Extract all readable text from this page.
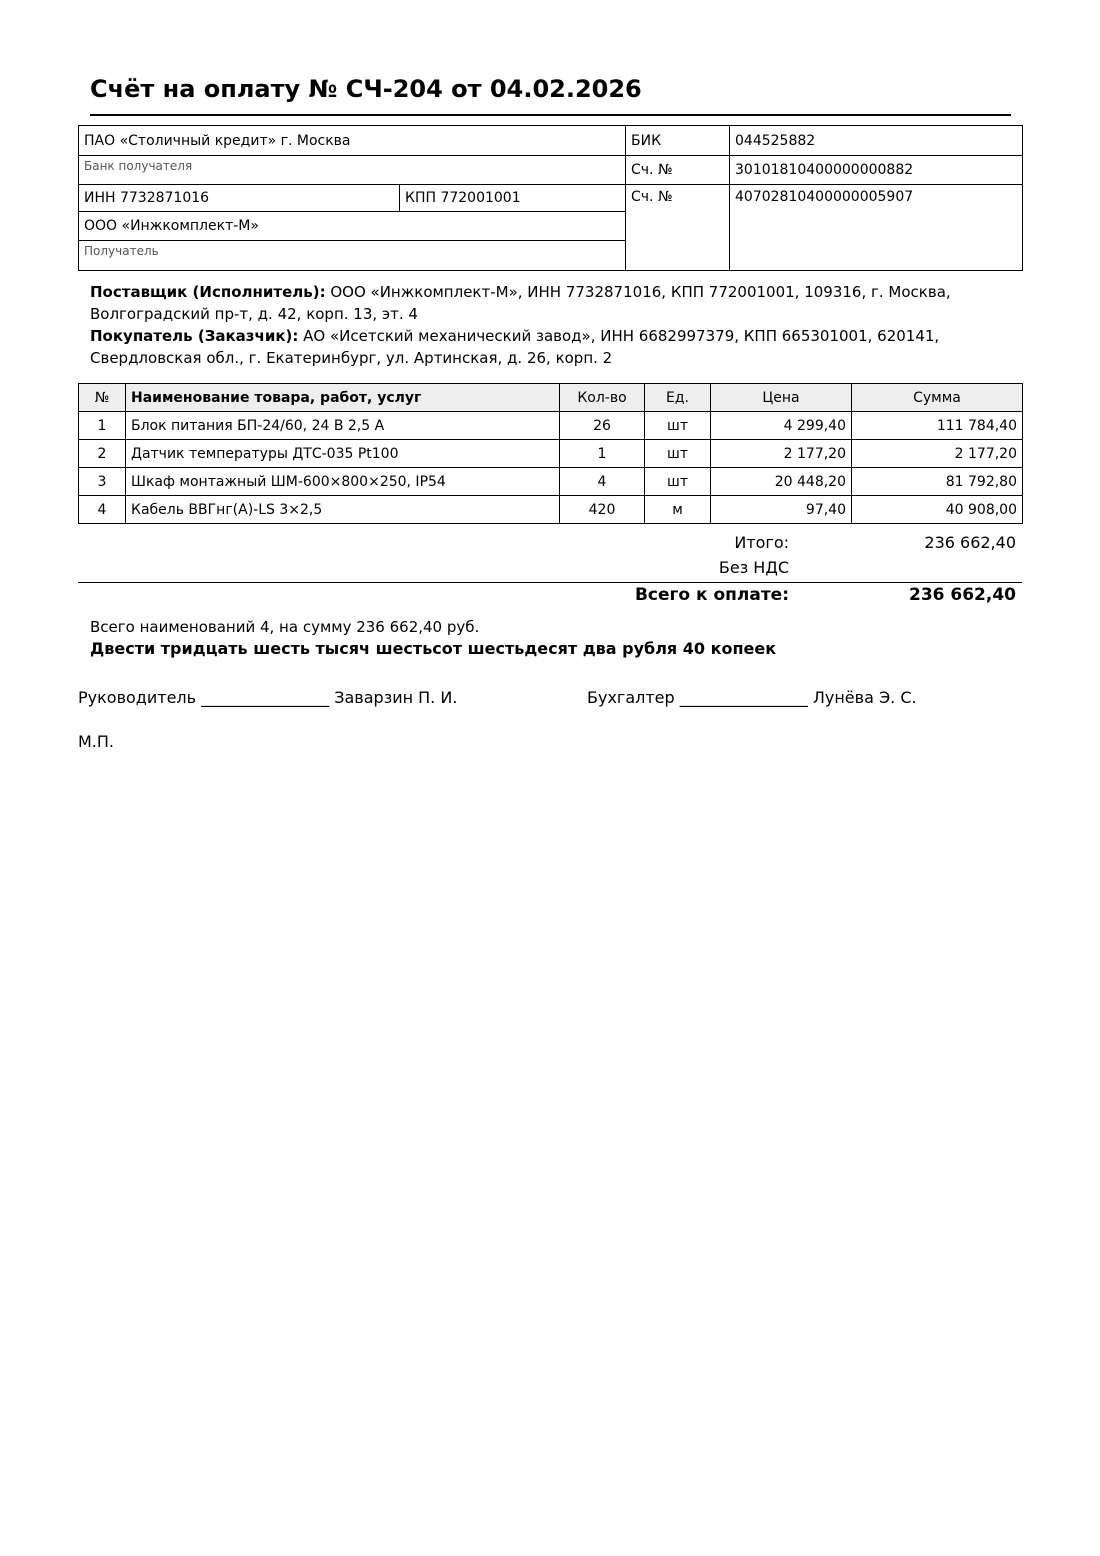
Счёт на оплату № СЧ-204 от 04.02.2026
ПАО «Столичный кредит» г. Москва		БИК	044525882
Банк получателя		Сч. №	30101810400000000882
ИНН 7732871016	КПП 772001001	Сч. №	40702810400000005907
ООО «Инжкомплект-М»			
Получатель			

Поставщик (Исполнитель): ООО «Инжкомплект-М», ИНН 7732871016, КПП 772001001, 109316, г. Москва, Волгоградский пр-т, д. 42, корп. 13, эт. 4

Покупатель (Заказчик): АО «Исетский механический завод», ИНН 6682997379, КПП 665301001, 620141, Свердловская обл., г. Екатеринбург, ул. Артинская, д. 26, корп. 2

№	Наименование товара, работ, услуг	Кол-во	Ед.	Цена	Сумма
1	Блок питания БП-24/60, 24 В 2,5 А	26	шт	4 299,40	111 784,40
2	Датчик температуры ДТС-035 Pt100	1	шт	2 177,20	2 177,20
3	Шкаф монтажный ШМ-600×800×250, IP54	4	шт	20 448,20	81 792,80
4	Кабель ВВГнг(А)-LS 3×2,5	420	м	97,40	40 908,00
Итого:	236 662,40
Без НДС
Всего к оплате:	236 662,40
Всего наименований 4, на сумму 236 662,40 руб.
Двести тридцать шесть тысяч шестьсот шестьдесят два рубля 40 копеек
Руководитель ________________ Заварзин П. И.	Бухгалтер ________________ Лунёва Э. С.
М.П.
